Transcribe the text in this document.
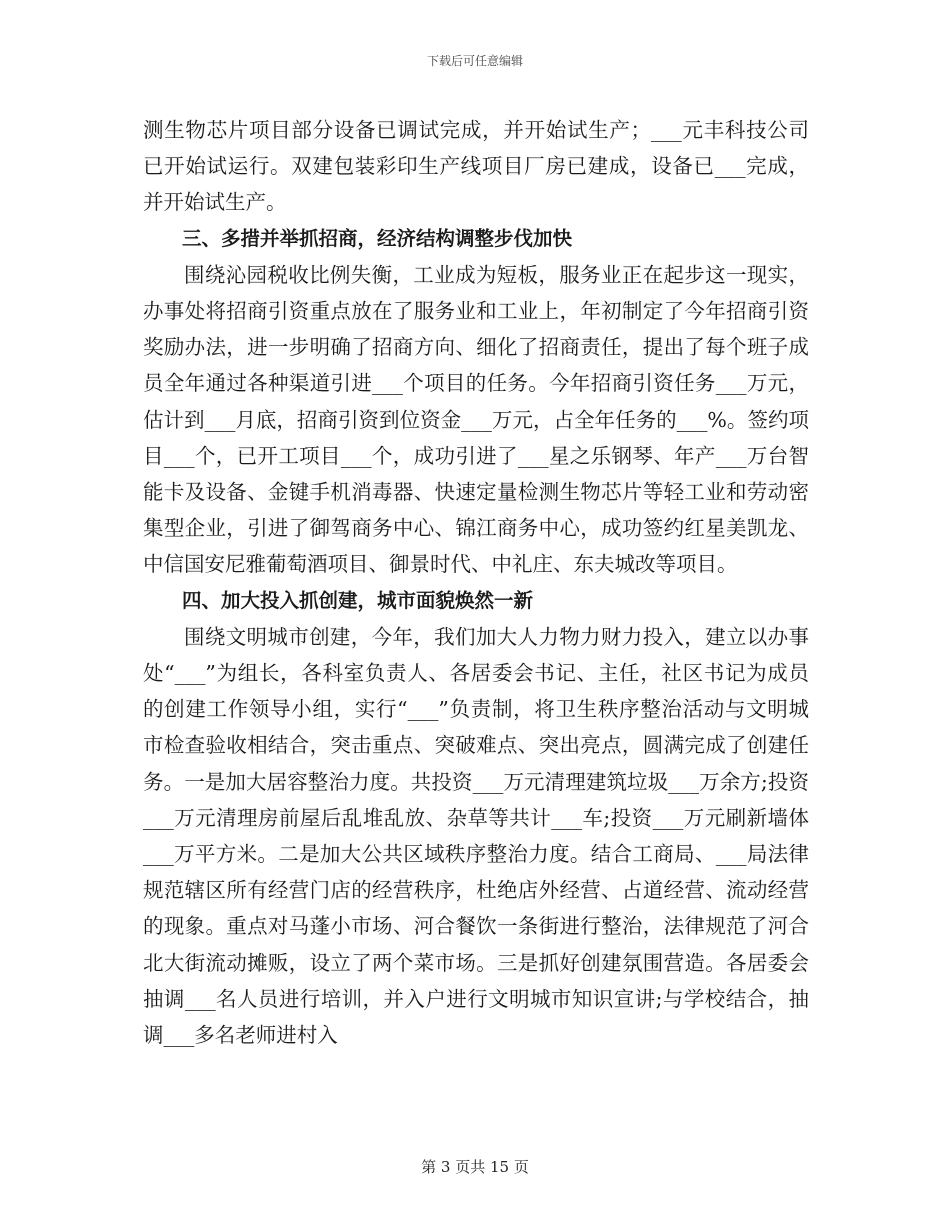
下载后可任意编辑

测生物芯片项目部分设备已调试完成，并开始试生产；___元丰科技公司已开始试运行。双建包装彩印生产线项目厂房已建成，设备已___完成，并开始试生产。

三、多措并举抓招商，经济结构调整步伐加快

围绕沁园税收比例失衡，工业成为短板，服务业正在起步这一现实，办事处将招商引资重点放在了服务业和工业上，年初制定了今年招商引资奖励办法，进一步明确了招商方向、细化了招商责任，提出了每个班子成员全年通过各种渠道引进___个项目的任务。今年招商引资任务___万元，估计到___月底，招商引资到位资金___万元，占全年任务的___%。签约项目___个，已开工项目___个，成功引进了___星之乐钢琴、年产___万台智能卡及设备、金键手机消毒器、快速定量检测生物芯片等轻工业和劳动密集型企业，引进了御驾商务中心、锦江商务中心，成功签约红星美凯龙、中信国安尼雅葡萄酒项目、御景时代、中礼庄、东夫城改等项目。

四、加大投入抓创建，城市面貌焕然一新

围绕文明城市创建，今年，我们加大人力物力财力投入，建立以办事处“___”为组长，各科室负责人、各居委会书记、主任，社区书记为成员的创建工作领导小组，实行“___”负责制，将卫生秩序整治活动与文明城市检查验收相结合，突击重点、突破难点、突出亮点，圆满完成了创建任务。一是加大居容整治力度。共投资___万元清理建筑垃圾___万余方;投资___万元清理房前屋后乱堆乱放、杂草等共计___车;投资___万元刷新墙体___万平方米。二是加大公共区域秩序整治力度。结合工商局、___局法律规范辖区所有经营门店的经营秩序，杜绝店外经营、占道经营、流动经营的现象。重点对马蓬小市场、河合餐饮一条街进行整治，法律规范了河合北大街流动摊贩，设立了两个菜市场。三是抓好创建氛围营造。各居委会抽调___名人员进行培训，并入户进行文明城市知识宣讲;与学校结合，抽调___多名老师进村入

第 3 页共 15 页
